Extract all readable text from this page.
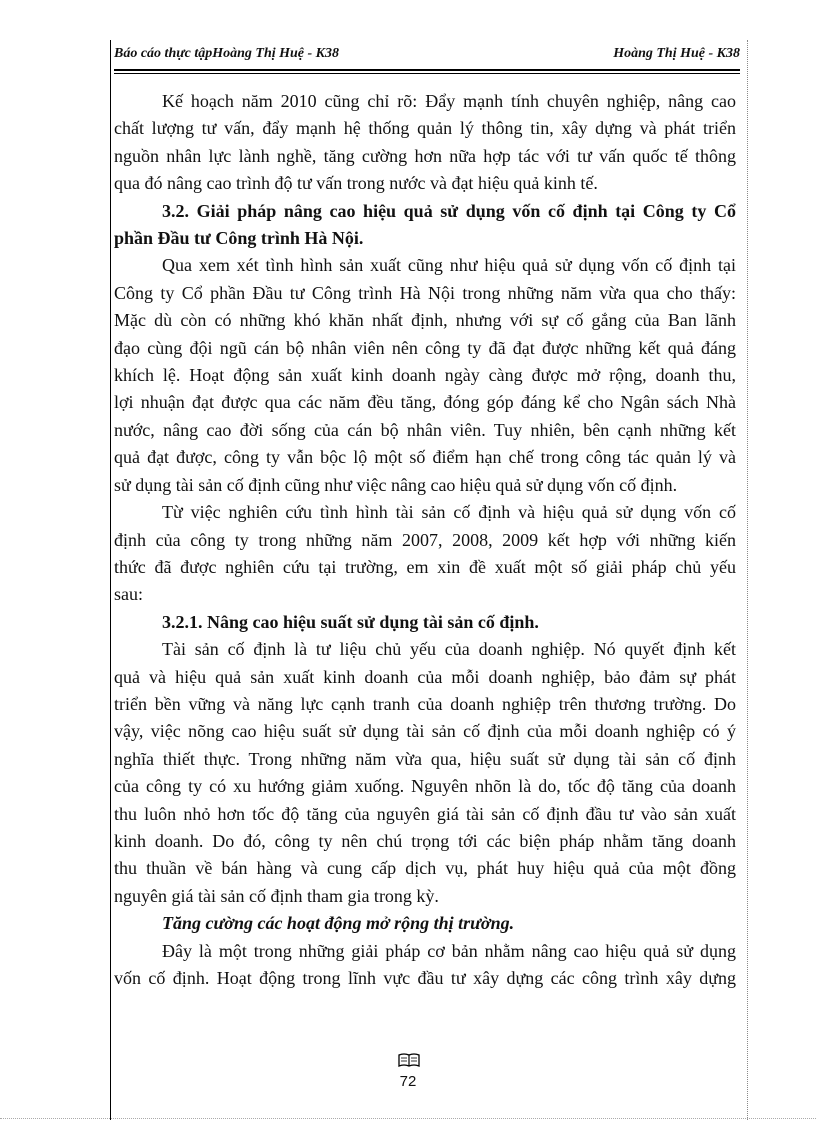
Báo cáo thực tậpHoàng Thị Huệ - K38	Hoàng Thị Huệ - K38
Kế hoạch năm 2010 cũng chỉ rõ: Đẩy mạnh tính chuyên nghiệp, nâng cao
chất lượng tư vấn, đẩy mạnh hệ thống quản lý thông tin, xây dựng và phát triển
nguồn nhân lực lành nghề, tăng cường hơn nữa hợp tác với tư vấn quốc tế thông
qua đó nâng cao trình độ tư vấn trong nước và đạt hiệu quả kinh tế.
3.2. Giải pháp nâng cao hiệu quả sử dụng vốn cố định tại Công ty Cổ
phần Đầu tư Công trình Hà Nội.
Qua xem xét tình hình sản xuất cũng như hiệu quả sử dụng vốn cố định tại
Công ty Cổ phần Đầu tư Công trình Hà Nội trong những năm vừa qua cho thấy:
Mặc dù còn có những khó khăn nhất định, nhưng với sự cố gắng của Ban lãnh
đạo cùng đội ngũ cán bộ nhân viên nên công ty đã đạt được những kết quả đáng
khích lệ. Hoạt động sản xuất kinh doanh ngày càng được mở rộng, doanh thu,
lợi nhuận đạt được qua các năm đều tăng, đóng góp đáng kể cho Ngân sách Nhà
nước, nâng cao đời sống của cán bộ nhân viên. Tuy nhiên, bên cạnh những kết
quả đạt được, công ty vẫn bộc lộ một số điểm hạn chế trong công tác quản lý và
sử dụng tài sản cố định cũng như việc nâng cao hiệu quả sử dụng vốn cố định.
Từ việc nghiên cứu tình hình tài sản cố định và hiệu quả sử dụng vốn cố
định của công ty trong những năm 2007, 2008, 2009 kết hợp với những kiến
thức đã được nghiên cứu tại trường, em xin đề xuất một số giải pháp chủ yếu
sau:
3.2.1. Nâng cao hiệu suất sử dụng tài sản cố định.
Tài sản cố định là tư liệu chủ yếu của doanh nghiệp. Nó quyết định kết
quả và hiệu quả sản xuất kinh doanh của mỗi doanh nghiệp, bảo đảm sự phát
triển bền vững và năng lực cạnh tranh của doanh nghiệp trên thương trường. Do
vậy, việc nõng cao hiệu suất sử dụng tài sản cố định của mỗi doanh nghiệp có ý
nghĩa thiết thực. Trong những năm vừa qua, hiệu suất sử dụng tài sản cố định
của công ty có xu hướng giảm xuống. Nguyên nhõn là do, tốc độ tăng của doanh
thu luôn nhỏ hơn tốc độ tăng của nguyên giá tài sản cố định đầu tư vào sản xuất
kinh doanh. Do đó, công ty nên chú trọng tới các biện pháp nhằm tăng doanh
thu thuần về bán hàng và cung cấp dịch vụ, phát huy hiệu quả của một đồng
nguyên giá tài sản cố định tham gia trong kỳ.
Tăng cường các hoạt động mở rộng thị trường.
Đây là một trong những giải pháp cơ bản nhằm nâng cao hiệu quả sử dụng
vốn cố định. Hoạt động trong lĩnh vực đầu tư xây dựng các công trình xây dựng
72
